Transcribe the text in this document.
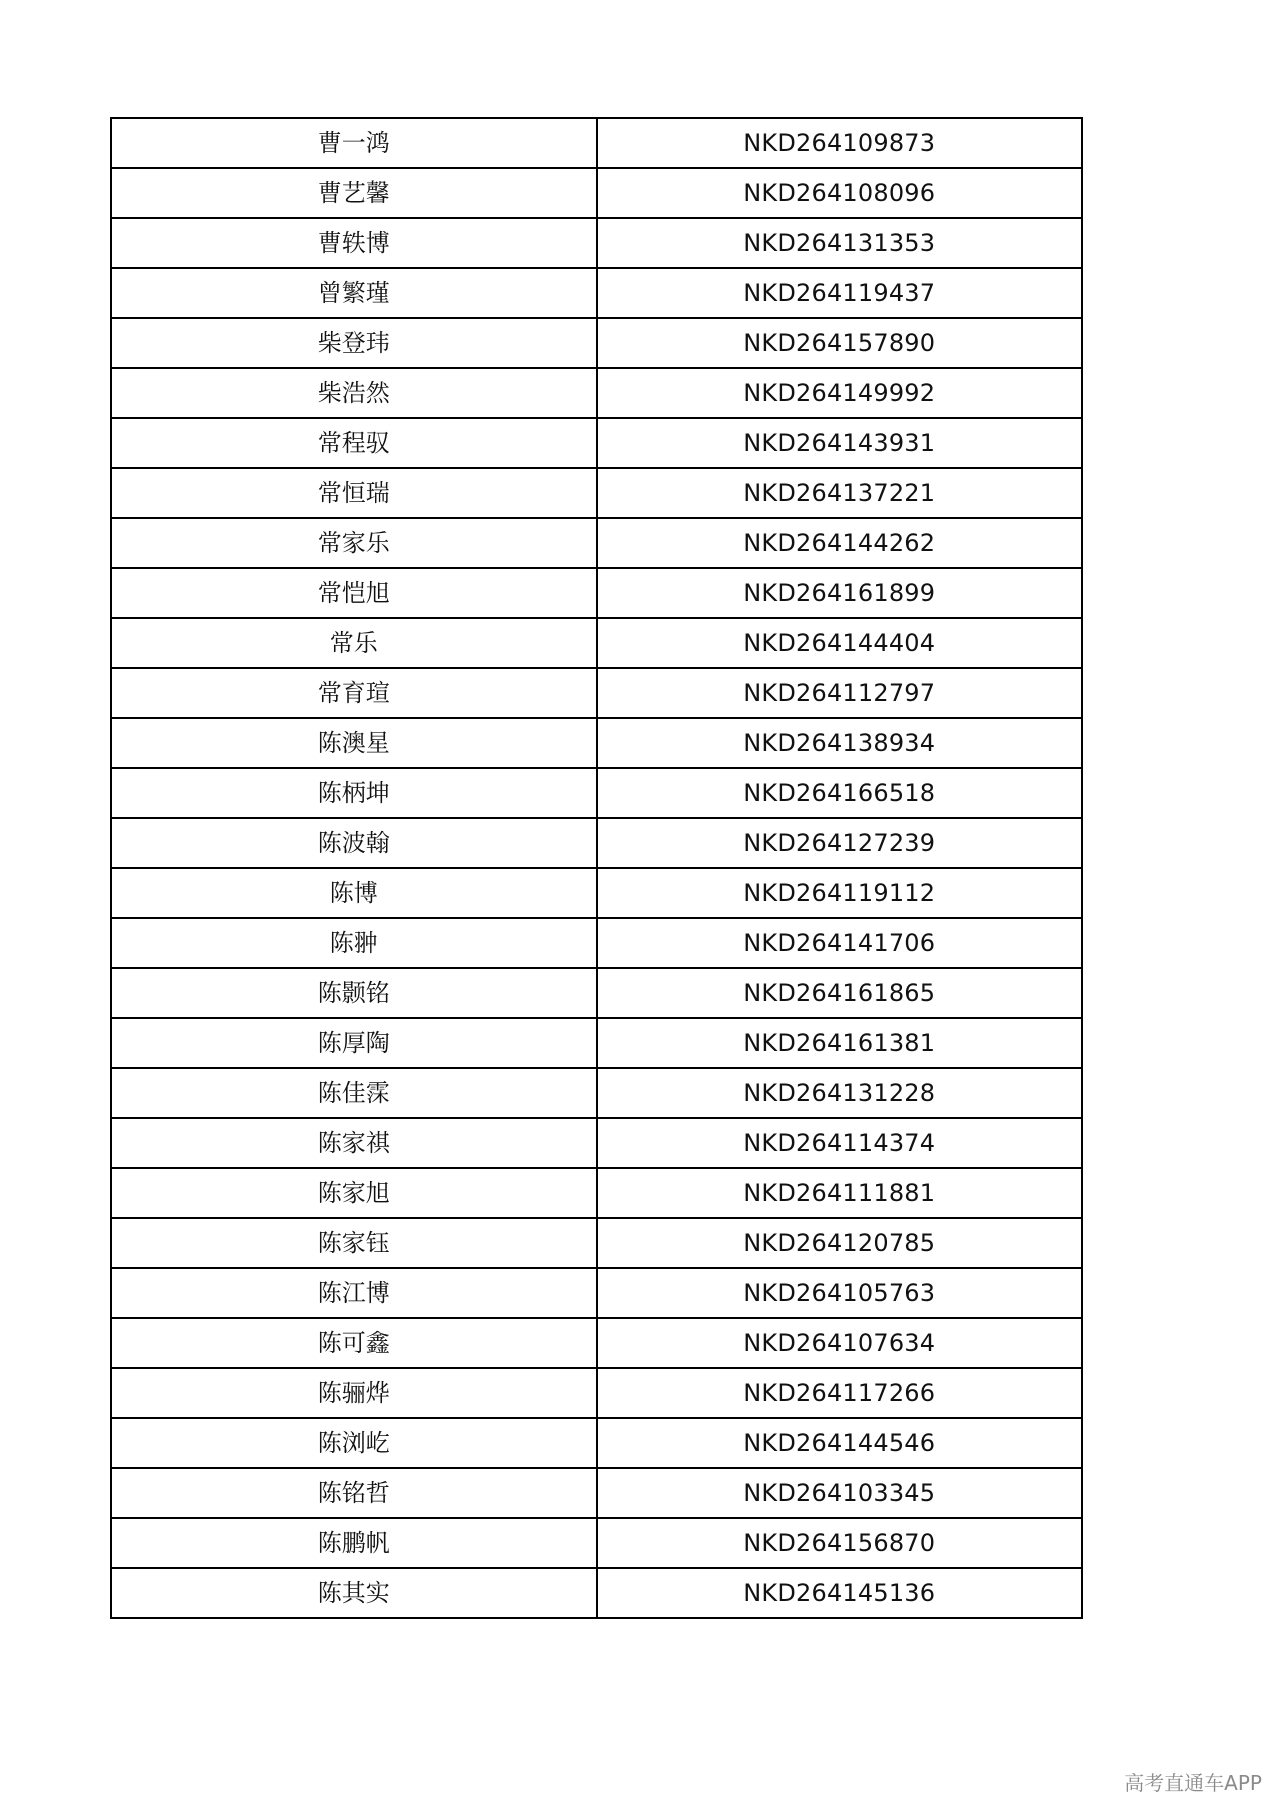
曹一鸿	NKD264109873
曹艺馨	NKD264108096
曹轶博	NKD264131353
曾繁瑾	NKD264119437
柴登玮	NKD264157890
柴浩然	NKD264149992
常程驭	NKD264143931
常恒瑞	NKD264137221
常家乐	NKD264144262
常恺旭	NKD264161899
常乐	NKD264144404
常育瑄	NKD264112797
陈澳星	NKD264138934
陈柄坤	NKD264166518
陈波翰	NKD264127239
陈博	NKD264119112
陈翀	NKD264141706
陈颢铭	NKD264161865
陈厚陶	NKD264161381
陈佳霂	NKD264131228
陈家祺	NKD264114374
陈家旭	NKD264111881
陈家钰	NKD264120785
陈江博	NKD264105763
陈可鑫	NKD264107634
陈骊烨	NKD264117266
陈浏屹	NKD264144546
陈铭哲	NKD264103345
陈鹏帆	NKD264156870
陈其实	NKD264145136
高考直通车APP
